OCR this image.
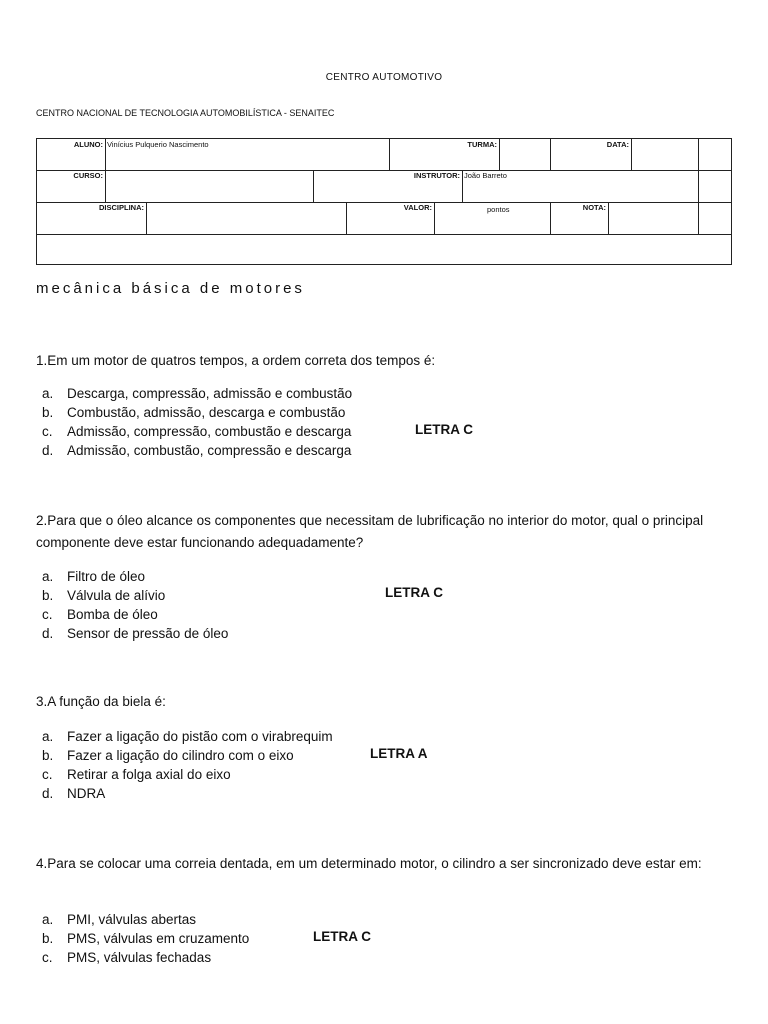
CENTRO AUTOMOTIVO
CENTRO NACIONAL DE TECNOLOGIA AUTOMOBILÍSTICA - SENAITEC
ALUNO: Vinícius Pulquerio Nascimento	TURMA:	DATA:
CURSO:	INSTRUTOR: João Barreto
DISCIPLINA:	VALOR:	pontos	NOTA:
mecânica básica de motores
1.Em um motor de quatros tempos, a ordem correta dos tempos é:
a. Descarga, compressão, admissão e combustão
b. Combustão, admissão, descarga e combustão
c. Admissão, compressão, combustão e descarga
d. Admissão, combustão, compressão e descarga
LETRA C
2.Para que o óleo alcance os componentes que necessitam de lubrificação no interior do motor, qual o principal componente deve estar funcionando adequadamente?
a. Filtro de óleo
b. Válvula de alívio
c. Bomba de óleo
d. Sensor de pressão de óleo
LETRA C
3.A função da biela é:
a. Fazer a ligação do pistão com o virabrequim
b. Fazer a ligação do cilindro com o eixo
c. Retirar a folga axial do eixo
d. NDRA
LETRA A
4.Para se colocar uma correia dentada, em um determinado motor, o cilindro a ser sincronizado deve estar em:
a. PMI, válvulas abertas
b. PMS, válvulas em cruzamento
c. PMS, válvulas fechadas
LETRA C
